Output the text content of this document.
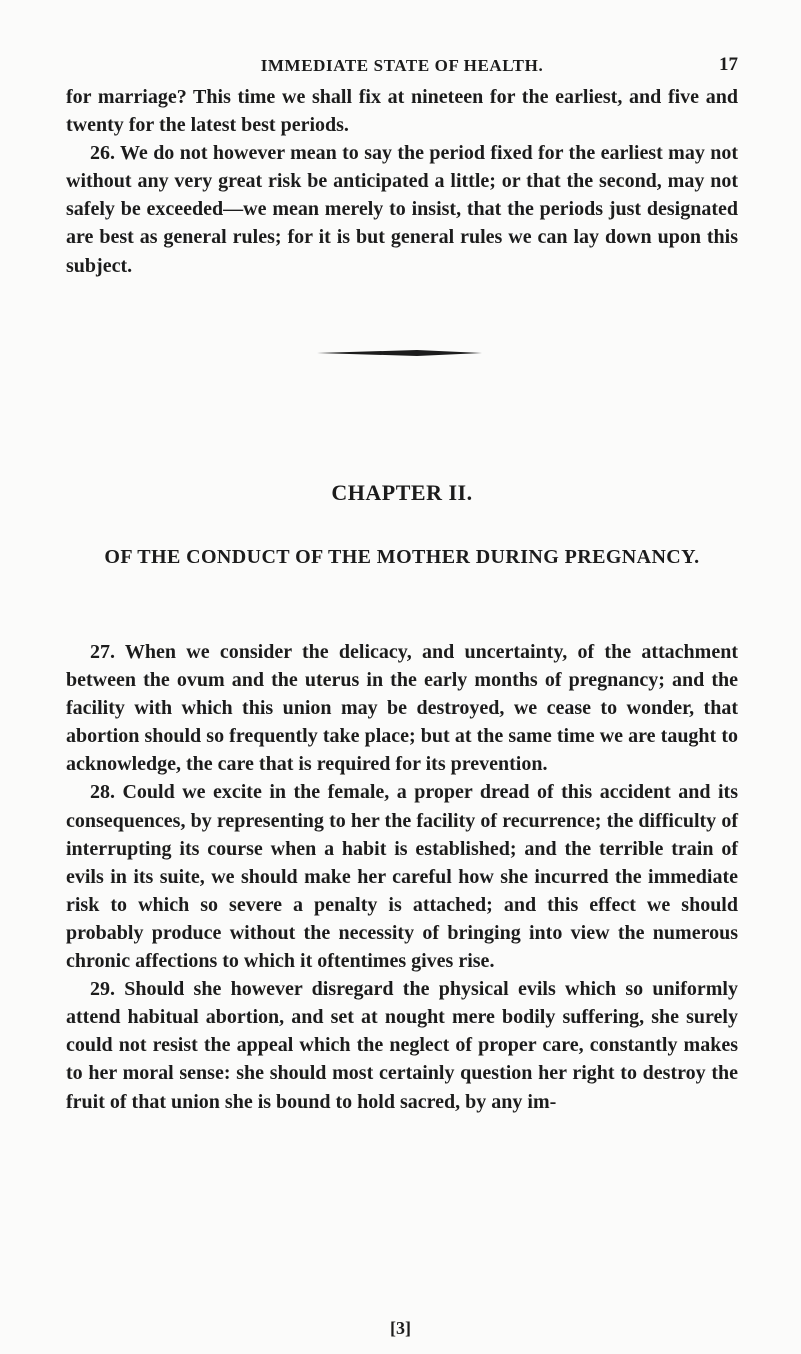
IMMEDIATE STATE OF HEALTH.	17

for marriage? This time we shall fix at nineteen for the earliest, and five and twenty for the latest best periods.

26. We do not however mean to say the period fixed for the earliest may not without any very great risk be anticipated a little; or that the second, may not safely be exceeded—we mean merely to insist, that the periods just designated are best as general rules; for it is but general rules we can lay down upon this subject.

CHAPTER II.
OF THE CONDUCT OF THE MOTHER DURING PREGNANCY.

27. When we consider the delicacy, and uncertainty, of the attachment between the ovum and the uterus in the early months of pregnancy; and the facility with which this union may be destroyed, we cease to wonder, that abortion should so frequently take place; but at the same time we are taught to acknowledge, the care that is required for its prevention.

28. Could we excite in the female, a proper dread of this accident and its consequences, by representing to her the facility of recurrence; the difficulty of interrupting its course when a habit is established; and the terrible train of evils in its suite, we should make her careful how she incurred the immediate risk to which so severe a penalty is attached; and this effect we should probably produce without the necessity of bringing into view the numerous chronic affections to which it oftentimes gives rise.

29. Should she however disregard the physical evils which so uniformly attend habitual abortion, and set at nought mere bodily suffering, she surely could not resist the appeal which the neglect of proper care, constantly makes to her moral sense: she should most certainly question her right to destroy the fruit of that union she is bound to hold sacred, by any im-

[3]
